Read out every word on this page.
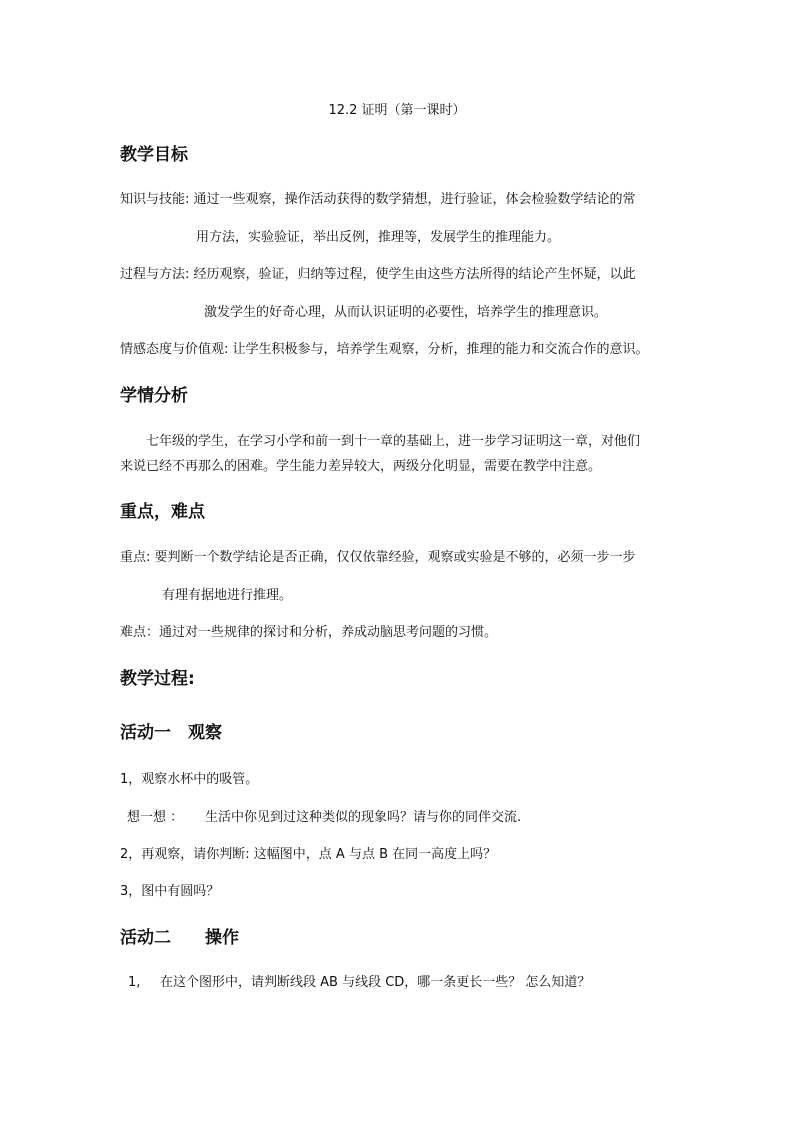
12.2 证明（第一课时）
教学目标
知识与技能: 通过一些观察，操作活动获得的数学猜想，进行验证，体会检验数学结论的常
用方法，实验验证，举出反例，推理等，发展学生的推理能力。
过程与方法: 经历观察，验证，归纳等过程，使学生由这些方法所得的结论产生怀疑，以此
激发学生的好奇心理，从而认识证明的必要性，培养学生的推理意识。
情感态度与价值观: 让学生积极参与，培养学生观察，分析，推理的能力和交流合作的意识。
学情分析
七年级的学生，在学习小学和前一到十一章的基础上，进一步学习证明这一章，对他们
来说已经不再那么的困难。学生能力差异较大，两级分化明显，需要在教学中注意。
重点，难点
重点: 要判断一个数学结论是否正确，仅仅依靠经验，观察或实验是不够的，必须一步一步
有理有据地进行推理。
难点：通过对一些规律的探讨和分析，养成动脑思考问题的习惯。
教学过程:
活动一　观察
1，观察水杯中的吸管。
想一想 ： 生活中你见到过这种类似的现象吗？请与你的同伴交流.
2，再观察，请你判断: 这幅图中，点 A 与点 B 在同一高度上吗？
3，图中有圆吗？
活动二　　操作
1, 在这个图形中，请判断线段 AB 与线段 CD，哪一条更长一些？ 怎么知道？
